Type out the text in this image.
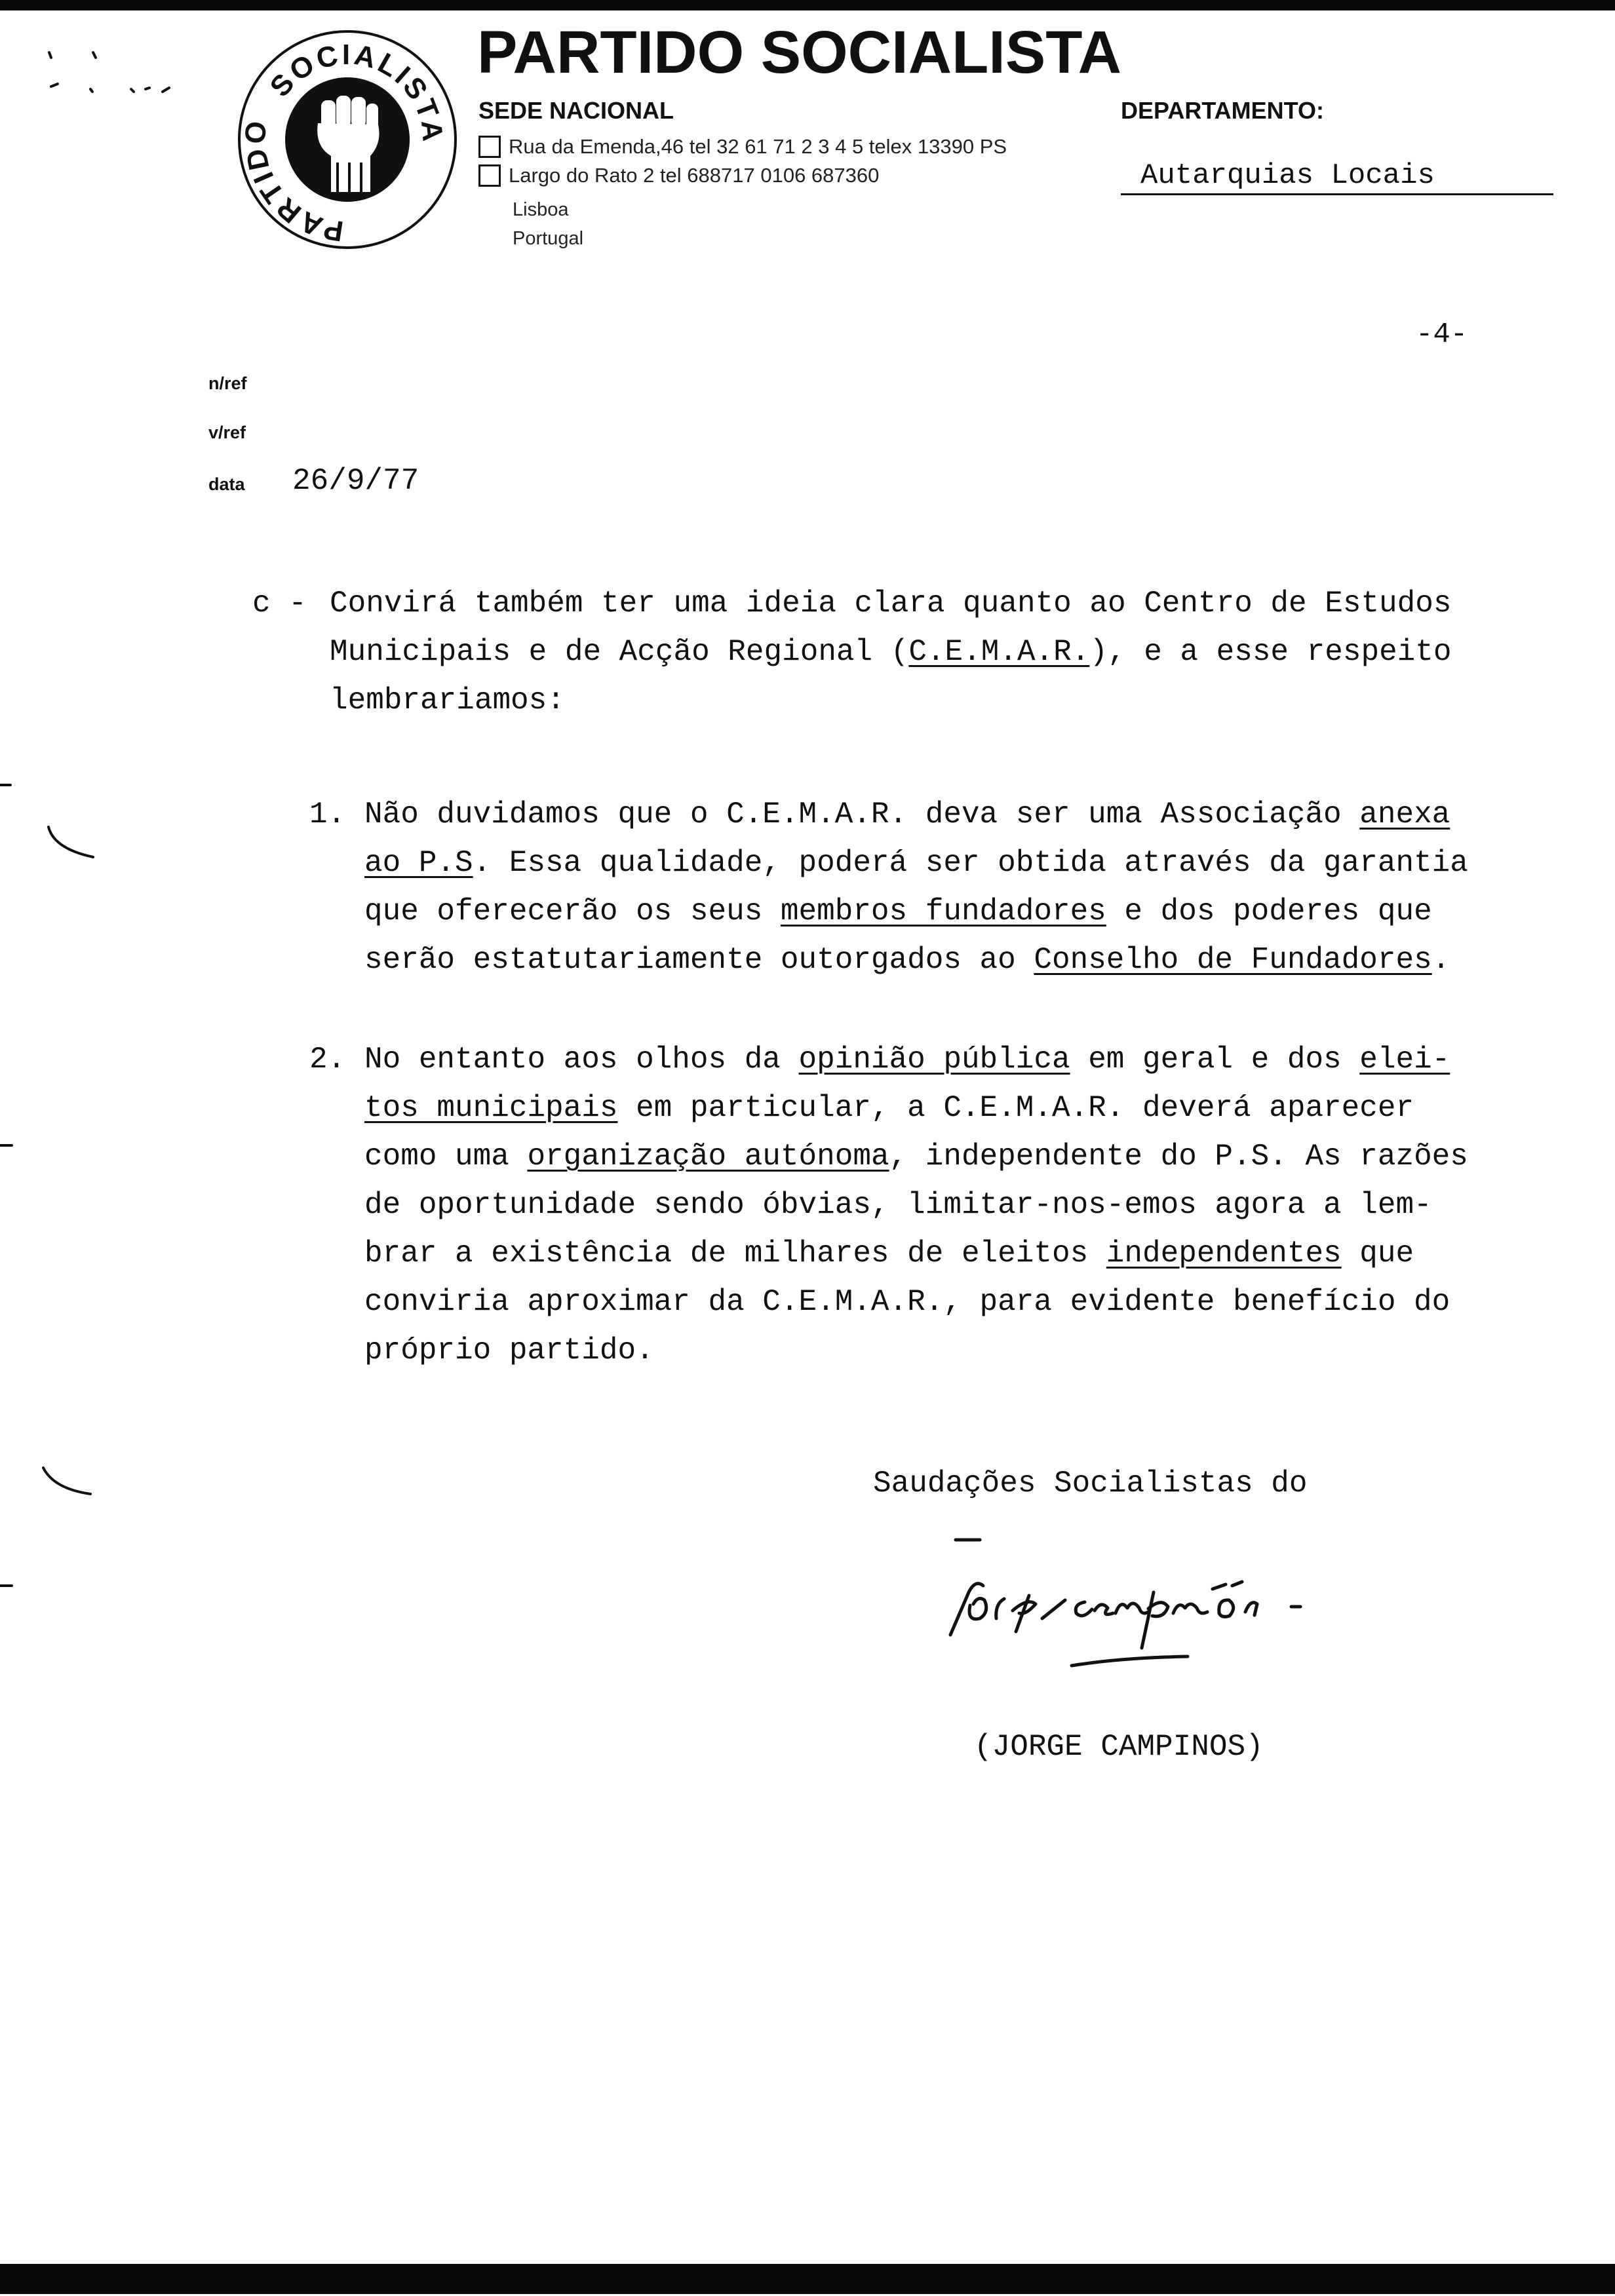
PARTIDO
SOCIALISTA
PARTIDO SOCIALISTA
SEDE NACIONAL	DEPARTAMENTO:
Rua da Emenda,46 tel 32 61 71 2 3 4 5 telex 13390 PS
Largo do Rato 2 tel 688717 0106 687360
Lisboa
Portugal
Autarquias Locais
-4-
n/ref
v/ref
data 26/9/77
c - Convirá também ter uma ideia clara quanto ao Centro de Estudos
Municipais e de Acção Regional (C.E.M.A.R.), e a esse respeito
lembrariamos:
1. Não duvidamos que o C.E.M.A.R. deva ser uma Associação anexa
ao P.S. Essa qualidade, poderá ser obtida através da garantia
que oferecerão os seus membros fundadores e dos poderes que
serão estatutariamente outorgados ao Conselho de Fundadores.
2. No entanto aos olhos da opinião pública em geral e dos elei-
tos municipais em particular, a C.E.M.A.R. deverá aparecer
como uma organização autónoma, independente do P.S. As razões
de oportunidade sendo óbvias, limitar-nos-emos agora a lem-
brar a existência de milhares de eleitos independentes que
conviria aproximar da C.E.M.A.R., para evidente benefício do
próprio partido.
Saudações Socialistas do
(JORGE CAMPINOS)
